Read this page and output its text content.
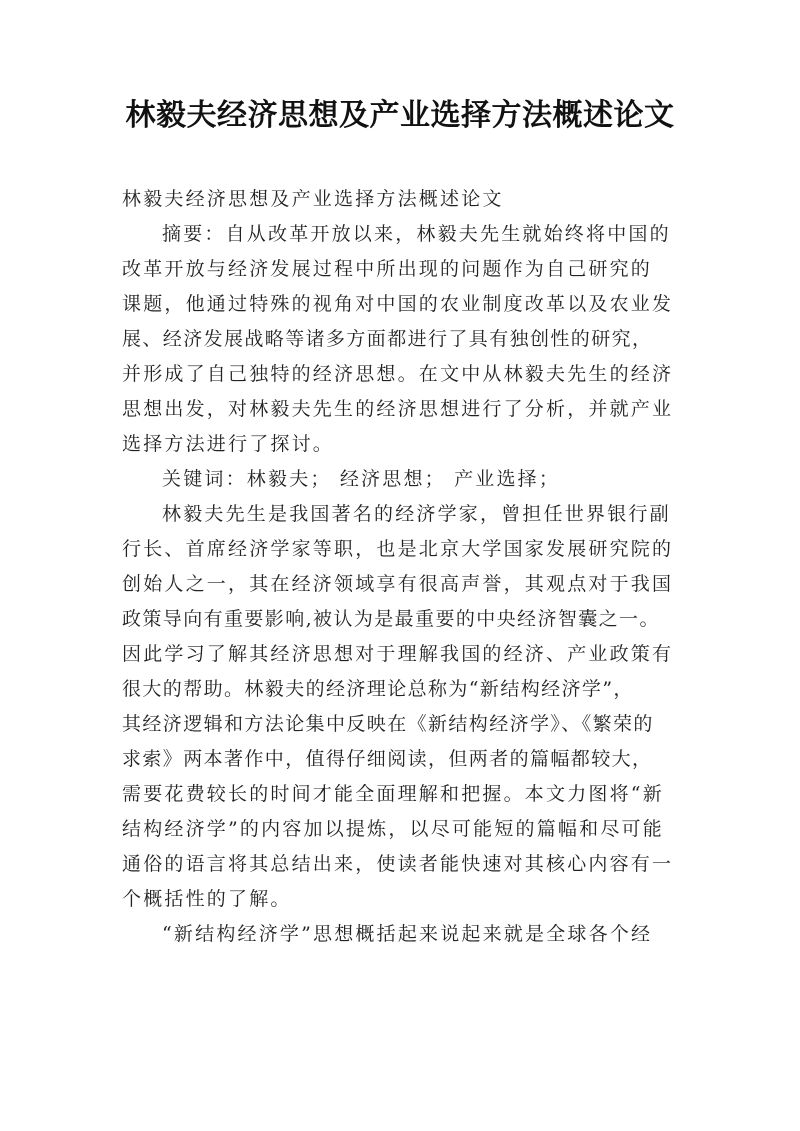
林毅夫经济思想及产业选择方法概述论文
林毅夫经济思想及产业选择方法概述论文
摘要：自从改革开放以来，林毅夫先生就始终将中国的
改革开放与经济发展过程中所出现的问题作为自己研究的
课题，他通过特殊的视角对中国的农业制度改革以及农业发
展、经济发展战略等诸多方面都进行了具有独创性的研究，
并形成了自己独特的经济思想。在文中从林毅夫先生的经济
思想出发，对林毅夫先生的经济思想进行了分析，并就产业
选择方法进行了探讨。
关键词：林毅夫； 经济思想； 产业选择；
林毅夫先生是我国著名的经济学家，曾担任世界银行副
行长、首席经济学家等职，也是北京大学国家发展研究院的
创始人之一，其在经济领域享有很高声誉，其观点对于我国
政策导向有重要影响,被认为是最重要的中央经济智囊之一。
因此学习了解其经济思想对于理解我国的经济、产业政策有
很大的帮助。林毅夫的经济理论总称为“新结构经济学”，
其经济逻辑和方法论集中反映在《新结构经济学》、《繁荣的
求索》两本著作中，值得仔细阅读，但两者的篇幅都较大，
需要花费较长的时间才能全面理解和把握。本文力图将“新
结构经济学”的内容加以提炼，以尽可能短的篇幅和尽可能
通俗的语言将其总结出来，使读者能快速对其核心内容有一
个概括性的了解。
“新结构经济学”思想概括起来说起来就是全球各个经
